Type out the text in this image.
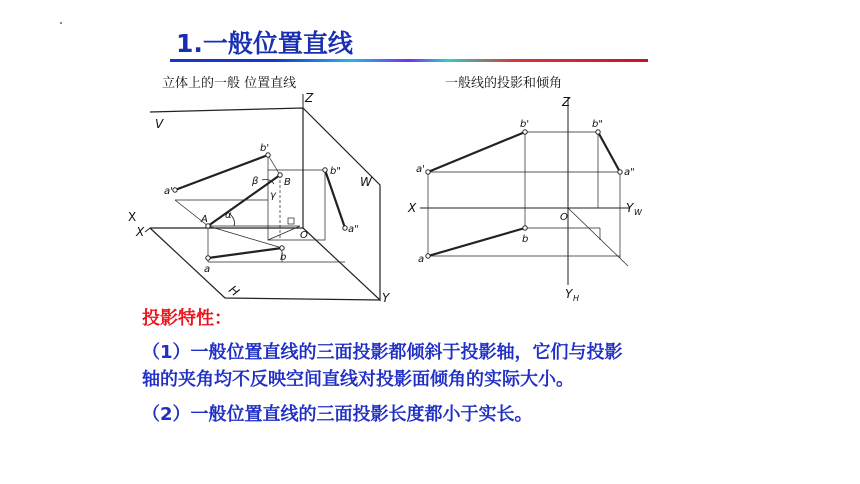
1.一般位置直线
立体上的一般 位置直线	一般线的投影和倾角
X
V
W
H
X
Y
Z
O
a'
b'
b"
a"
A
B
a
b
α
β
γ
Z
X
O
Y W
Y H
a'
b'	b"
a"
a
b
投影特性：
（1）一般位置直线的三面投影都倾斜于投影轴，它们与投影
轴的夹角均不反映空间直线对投影面倾角的实际大小。
（2）一般位置直线的三面投影长度都小于实长。
